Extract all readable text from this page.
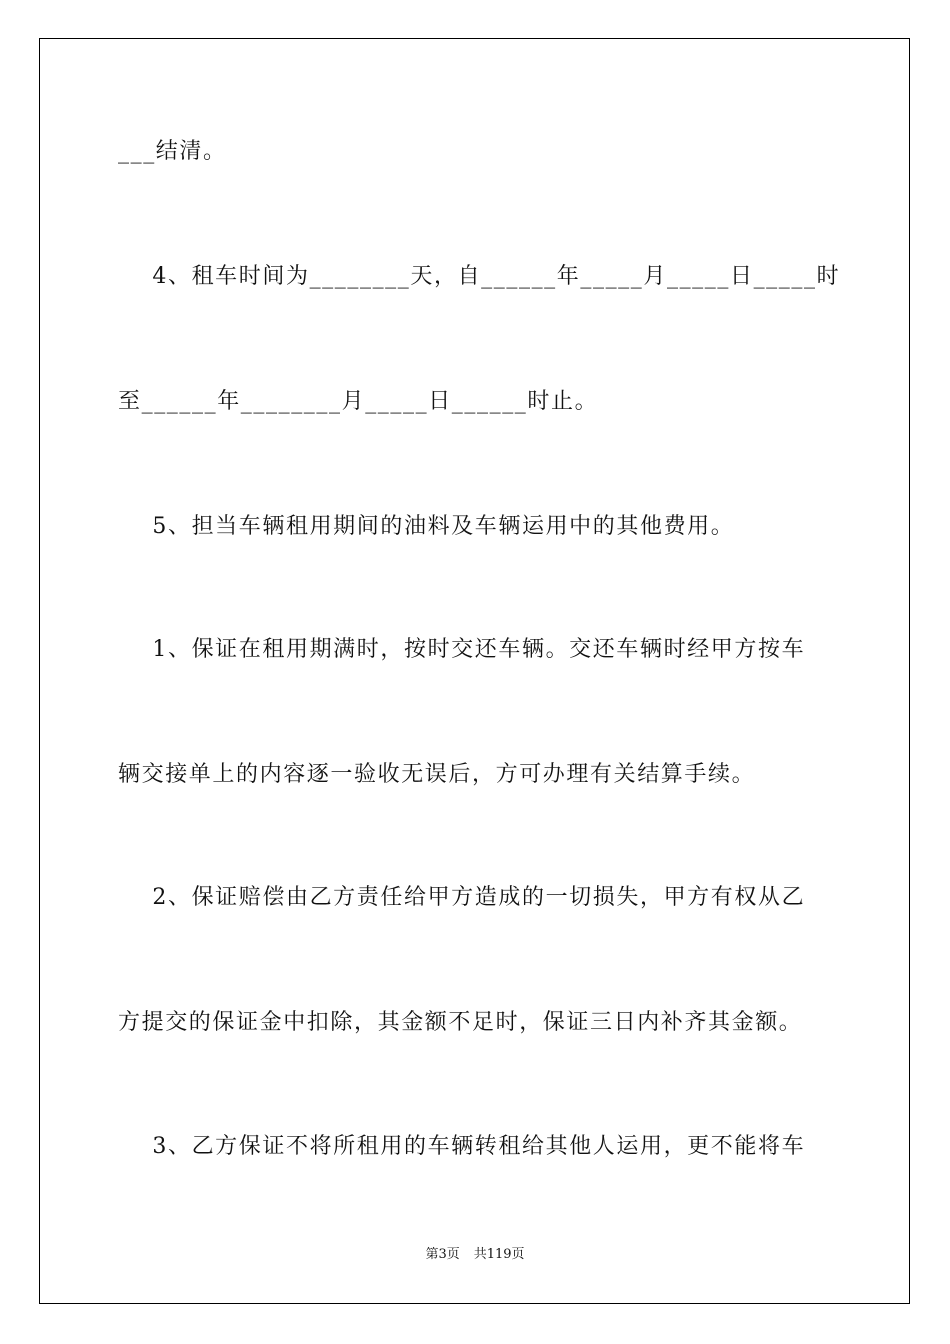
___结清。
4、租车时间为________天，自______年_____月_____日_____时
至______年________月_____日______时止。
5、担当车辆租用期间的油料及车辆运用中的其他费用。
1、保证在租用期满时，按时交还车辆。交还车辆时经甲方按车
辆交接单上的内容逐一验收无误后，方可办理有关结算手续。
2、保证赔偿由乙方责任给甲方造成的一切损失，甲方有权从乙
方提交的保证金中扣除，其金额不足时，保证三日内补齐其金额。
3、乙方保证不将所租用的车辆转租给其他人运用，更不能将车
第3页 共119页
